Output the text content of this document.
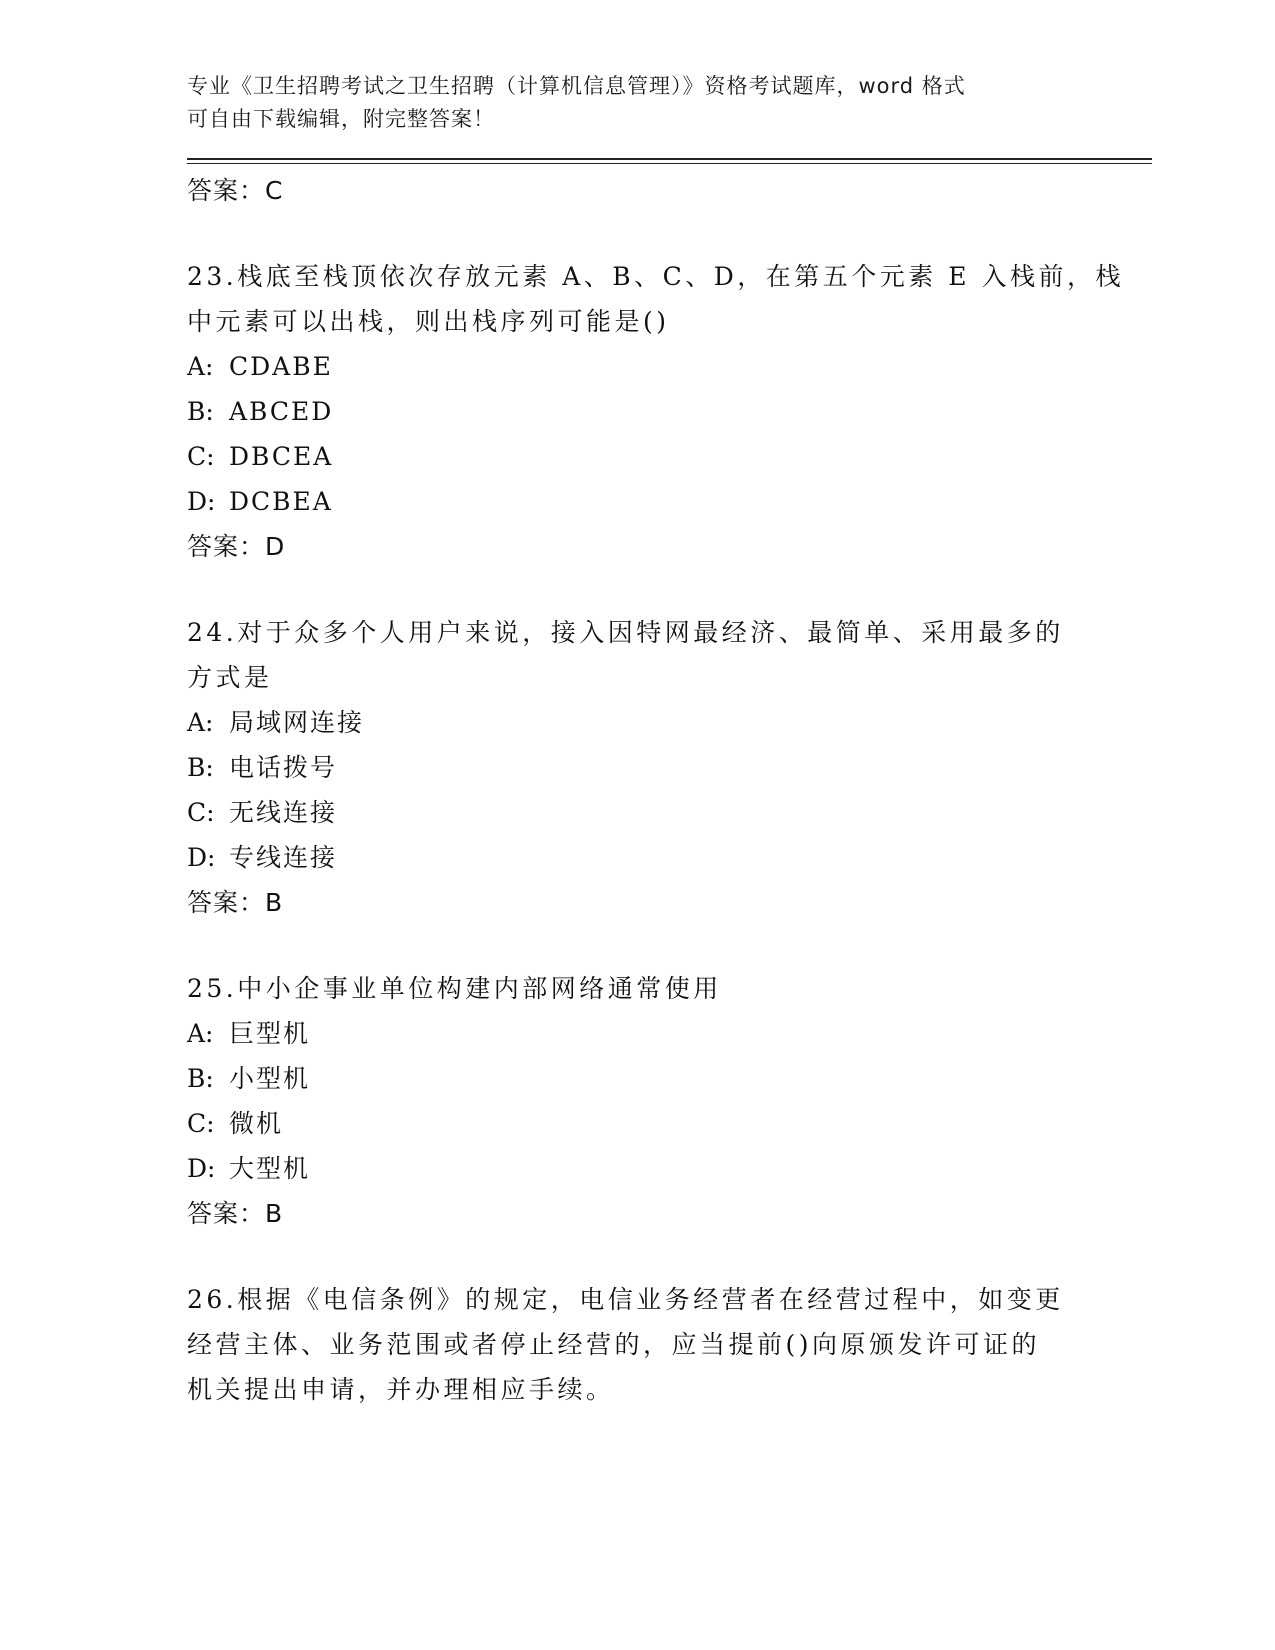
专业《卫生招聘考试之卫生招聘（计算机信息管理）》资格考试题库，word 格式
可自由下载编辑，附完整答案！
答案：C
23.栈底至栈顶依次存放元素 A、B、C、D，在第五个元素 E 入栈前，栈
中元素可以出栈，则出栈序列可能是()
A: CDABE
B: ABCED
C: DBCEA
D: DCBEA
答案：D
24.对于众多个人用户来说，接入因特网最经济、最简单、采用最多的
方式是
A: 局域网连接
B: 电话拨号
C: 无线连接
D: 专线连接
答案：B
25.中小企事业单位构建内部网络通常使用
A: 巨型机
B: 小型机
C: 微机
D: 大型机
答案：B
26.根据《电信条例》的规定，电信业务经营者在经营过程中，如变更
经营主体、业务范围或者停止经营的，应当提前()向原颁发许可证的
机关提出申请，并办理相应手续。
